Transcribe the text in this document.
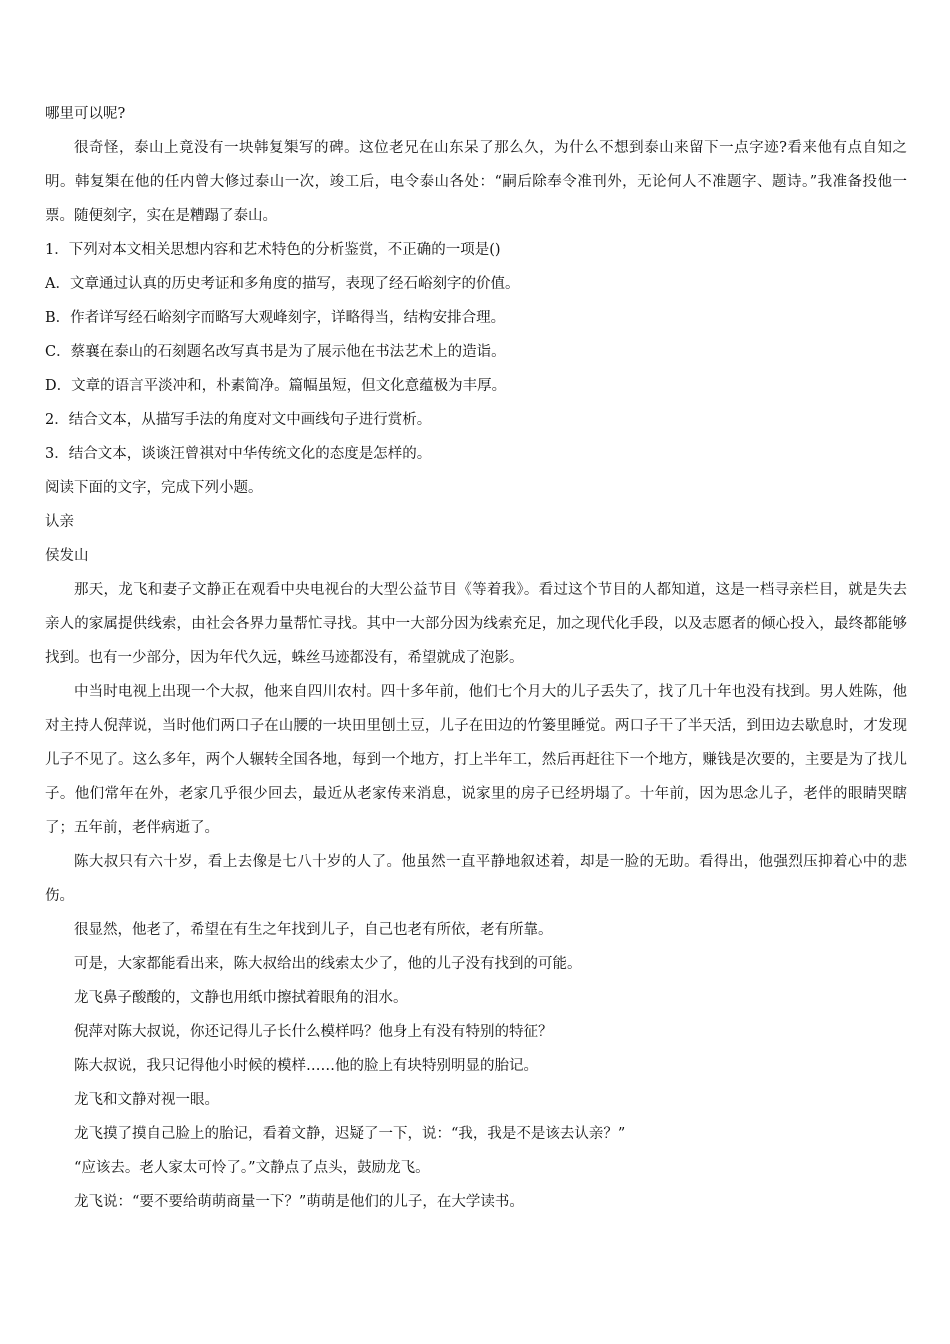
哪里可以呢?

很奇怪，泰山上竟没有一块韩复榘写的碑。这位老兄在山东呆了那么久，为什么不想到泰山来留下一点字迹?看来他有点自知之明。韩复榘在他的任内曾大修过泰山一次，竣工后，电令泰山各处：“嗣后除奉令准刊外，无论何人不准题字、题诗。”我准备投他一票。随便刻字，实在是糟蹋了泰山。

1．下列对本文相关思想内容和艺术特色的分析鉴赏，不正确的一项是()

A．文章通过认真的历史考证和多角度的描写，表现了经石峪刻字的价值。

B．作者详写经石峪刻字而略写大观峰刻字，详略得当，结构安排合理。

C．蔡襄在泰山的石刻题名改写真书是为了展示他在书法艺术上的造诣。

D．文章的语言平淡冲和，朴素简净。篇幅虽短，但文化意蕴极为丰厚。

2．结合文本，从描写手法的角度对文中画线句子进行赏析。

3．结合文本，谈谈汪曾祺对中华传统文化的态度是怎样的。

阅读下面的文字，完成下列小题。

认亲

侯发山

那天，龙飞和妻子文静正在观看中央电视台的大型公益节目《等着我》。看过这个节目的人都知道，这是一档寻亲栏目，就是失去亲人的家属提供线索，由社会各界力量帮忙寻找。其中一大部分因为线索充足，加之现代化手段，以及志愿者的倾心投入，最终都能够找到。也有一少部分，因为年代久远，蛛丝马迹都没有，希望就成了泡影。

中当时电视上出现一个大叔，他来自四川农村。四十多年前，他们七个月大的儿子丢失了，找了几十年也没有找到。男人姓陈，他对主持人倪萍说，当时他们两口子在山腰的一块田里刨土豆，儿子在田边的竹篓里睡觉。两口子干了半天活，到田边去歇息时，才发现儿子不见了。这么多年，两个人辗转全国各地，每到一个地方，打上半年工，然后再赶往下一个地方，赚钱是次要的，主要是为了找儿子。他们常年在外，老家几乎很少回去，最近从老家传来消息，说家里的房子已经坍塌了。十年前，因为思念儿子，老伴的眼睛哭瞎了；五年前，老伴病逝了。

陈大叔只有六十岁，看上去像是七八十岁的人了。他虽然一直平静地叙述着，却是一脸的无助。看得出，他强烈压抑着心中的悲伤。

很显然，他老了，希望在有生之年找到儿子，自己也老有所依，老有所靠。

可是，大家都能看出来，陈大叔给出的线索太少了，他的儿子没有找到的可能。

龙飞鼻子酸酸的，文静也用纸巾擦拭着眼角的泪水。

倪萍对陈大叔说，你还记得儿子长什么模样吗？他身上有没有特别的特征？

陈大叔说，我只记得他小时候的模样……他的脸上有块特别明显的胎记。

龙飞和文静对视一眼。

龙飞摸了摸自己脸上的胎记，看着文静，迟疑了一下，说：“我，我是不是该去认亲？”

“应该去。老人家太可怜了。”文静点了点头，鼓励龙飞。

龙飞说：“要不要给萌萌商量一下？”萌萌是他们的儿子，在大学读书。
